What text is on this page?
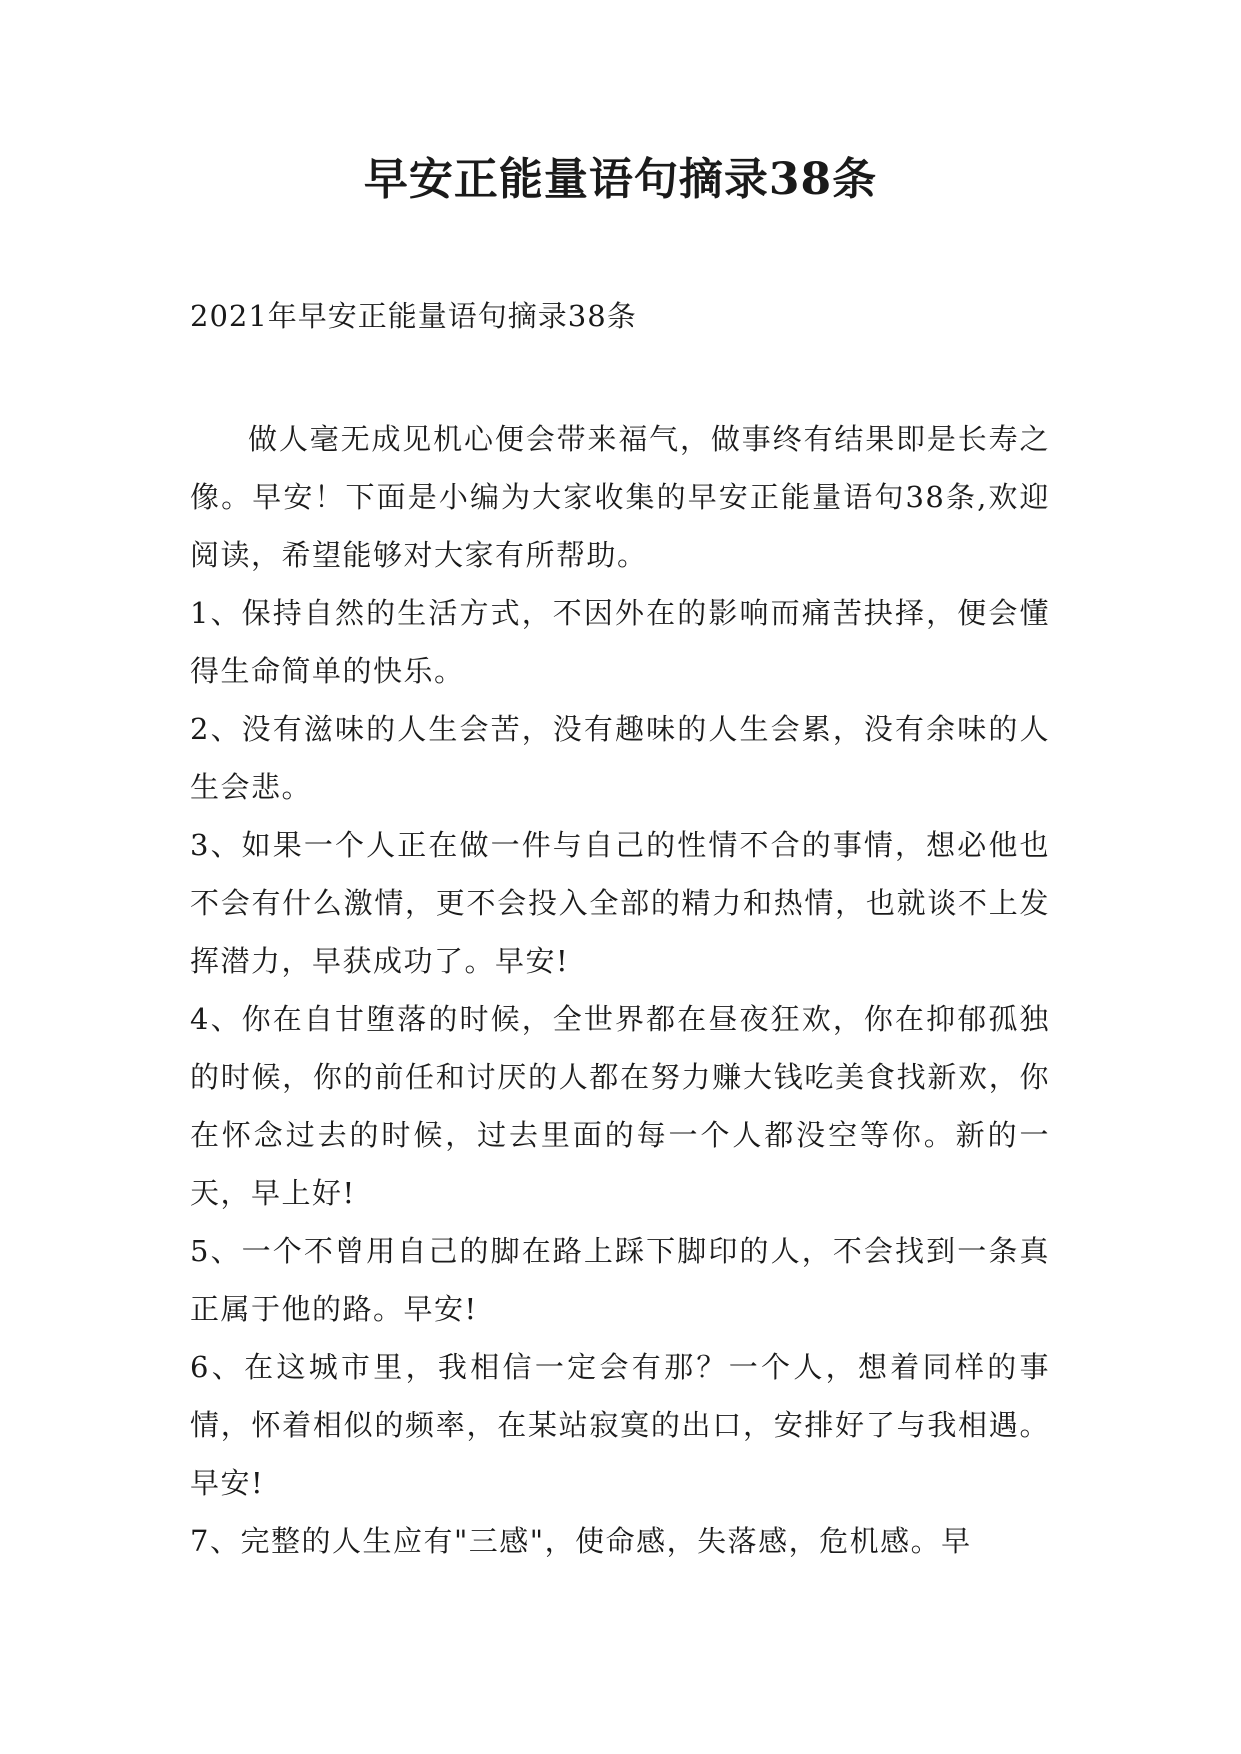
早安正能量语句摘录38条
2021年早安正能量语句摘录38条

做人毫无成见机心便会带来福气，做事终有结果即是长寿之像。早安！下面是小编为大家收集的早安正能量语句38条,欢迎阅读，希望能够对大家有所帮助。

1、保持自然的生活方式，不因外在的影响而痛苦抉择，便会懂得生命简单的快乐。

2、没有滋味的人生会苦，没有趣味的人生会累，没有余味的人生会悲。

3、如果一个人正在做一件与自己的性情不合的事情，想必他也不会有什么激情，更不会投入全部的精力和热情，也就谈不上发挥潜力，早获成功了。早安!

4、你在自甘堕落的时候，全世界都在昼夜狂欢，你在抑郁孤独的时候，你的前任和讨厌的人都在努力赚大钱吃美食找新欢，你在怀念过去的时候，过去里面的每一个人都没空等你。新的一天，早上好!

5、一个不曾用自己的脚在路上踩下脚印的人，不会找到一条真正属于他的路。早安!

6、在这城市里，我相信一定会有那？一个人，想着同样的事情，怀着相似的频率，在某站寂寞的出口，安排好了与我相遇。早安!

7、完整的人生应有"三感"，使命感，失落感，危机感。早
